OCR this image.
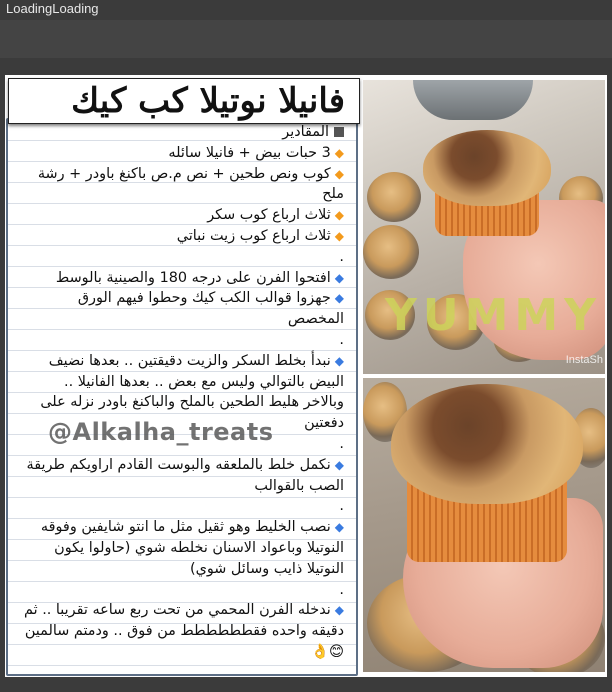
LoadingLoading

المقادير

◆3 حبات بيض + فانيلا سائله

◆كوب ونص طحين + نص م.ص باكنغ باودر + رشة ملح

◆ثلاث ارباع كوب سكر

◆ثلاث ارباع كوب زيت نباتي

.

◆افتحوا الفرن على درجه 180 والصينية بالوسط

◆جهزوا قوالب الكب كيك وحطوا فيهم الورق المخصص

.

◆نبدأ بخلط السكر والزيت دقيقتين .. بعدها نضيف البيض بالتوالي وليس مع بعض .. بعدها الفانيلا .. وبالاخر هليط الطحين بالملح والباكنغ باودر نزله على دفعتين

.

◆نكمل خلط بالملعقه والبوست القادم اراويكم طريقة الصب بالقوالب

.

◆نصب الخليط وهو ثقيل مثل ما انتو شايفين وفوقه النوتيلا وباعواد الاسنان نخلطه شوي (حاولوا يكون النوتيلا ذايب وسائل شوي)

.

◆ندخله الفرن المحمي من تحت ربع ساعه تقريبا .. ثم دقيقه واحده فقطططططط من فوق .. ودمتم سالمين 😊👌

@Alkalha_treats
فانيلا نوتيلا كب كيك
YUMMY
InstaSh
